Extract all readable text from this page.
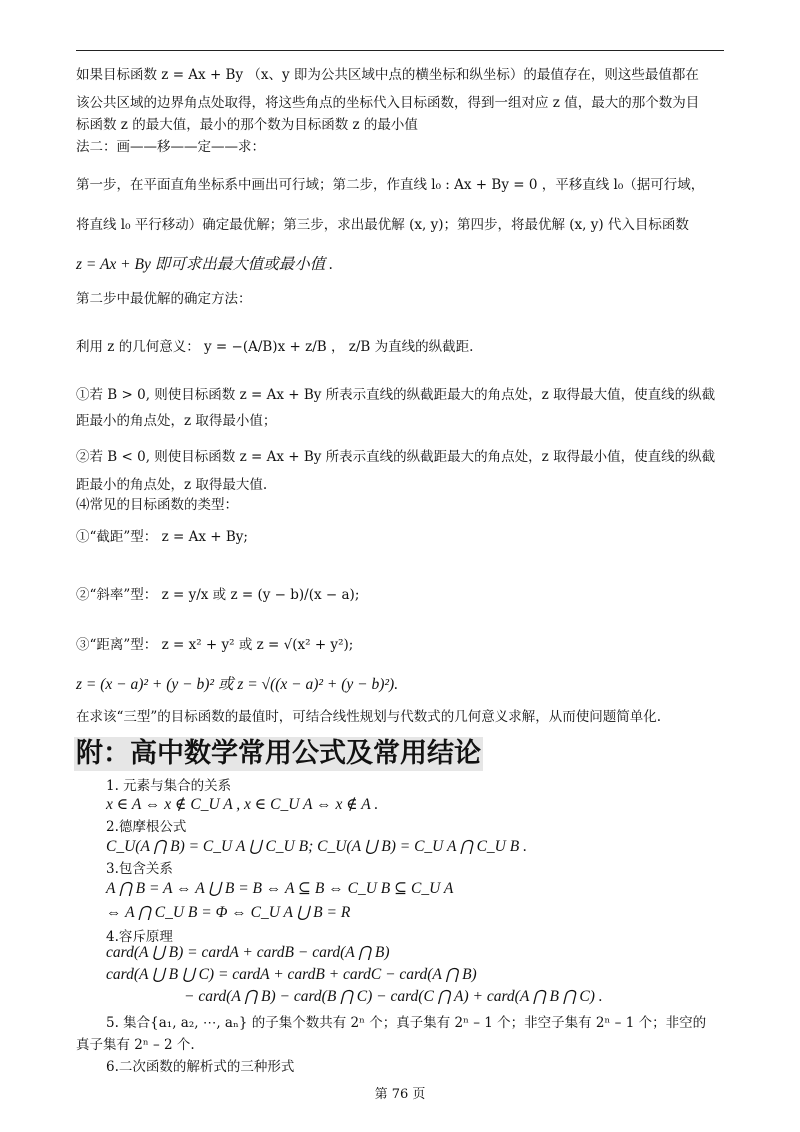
如果目标函数 z = Ax + By （x、y 即为公共区域中点的横坐标和纵坐标）的最值存在，则这些最值都在
该公共区域的边界角点处取得，将这些角点的坐标代入目标函数，得到一组对应 z 值，最大的那个数为目
标函数 z 的最大值，最小的那个数为目标函数 z 的最小值
法二：画——移——定——求：
第一步，在平面直角坐标系中画出可行域；第二步，作直线 l₀ : Ax + By = 0 ，平移直线 l₀（据可行域，
将直线 l₀ 平行移动）确定最优解；第三步，求出最优解 (x, y)；第四步，将最优解 (x, y) 代入目标函数
z = Ax + By 即可求出最大值或最小值 .
第二步中最优解的确定方法：
利用 z 的几何意义： y = −(A/B)x + z/B ， z/B 为直线的纵截距.
①若 B > 0, 则使目标函数 z = Ax + By 所表示直线的纵截距最大的角点处，z 取得最大值，使直线的纵截
距最小的角点处，z 取得最小值；
②若 B < 0, 则使目标函数 z = Ax + By 所表示直线的纵截距最大的角点处，z 取得最小值，使直线的纵截
距最小的角点处，z 取得最大值.
⑷常见的目标函数的类型：
①“截距”型： z = Ax + By;
②“斜率”型： z = y/x 或 z = (y − b)/(x − a);
③“距离”型： z = x² + y² 或 z = √(x² + y²);
z = (x − a)² + (y − b)² 或 z = √((x − a)² + (y − b)²).
在求该“三型”的目标函数的最值时，可结合线性规划与代数式的几何意义求解，从而使问题简单化.
附：高中数学常用公式及常用结论
1. 元素与集合的关系
x ∈ A ⇔ x ∉ C_U A , x ∈ C_U A ⇔ x ∉ A .
2.德摩根公式
C_U(A ⋂ B) = C_U A ⋃ C_U B; C_U(A ⋃ B) = C_U A ⋂ C_U B .
3.包含关系
A ⋂ B = A ⇔ A ⋃ B = B ⇔ A ⊆ B ⇔ C_U B ⊆ C_U A
⇔ A ⋂ C_U B = Φ ⇔ C_U A ⋃ B = R
4.容斥原理
card(A ⋃ B) = cardA + cardB − card(A ⋂ B)
card(A ⋃ B ⋃ C) = cardA + cardB + cardC − card(A ⋂ B)
− card(A ⋂ B) − card(B ⋂ C) − card(C ⋂ A) + card(A ⋂ B ⋂ C) .
5. 集合{a₁, a₂, ⋯, aₙ} 的子集个数共有 2ⁿ 个；真子集有 2ⁿ – 1 个；非空子集有 2ⁿ – 1 个；非空的
真子集有 2ⁿ – 2 个.
6.二次函数的解析式的三种形式
第 76 页
